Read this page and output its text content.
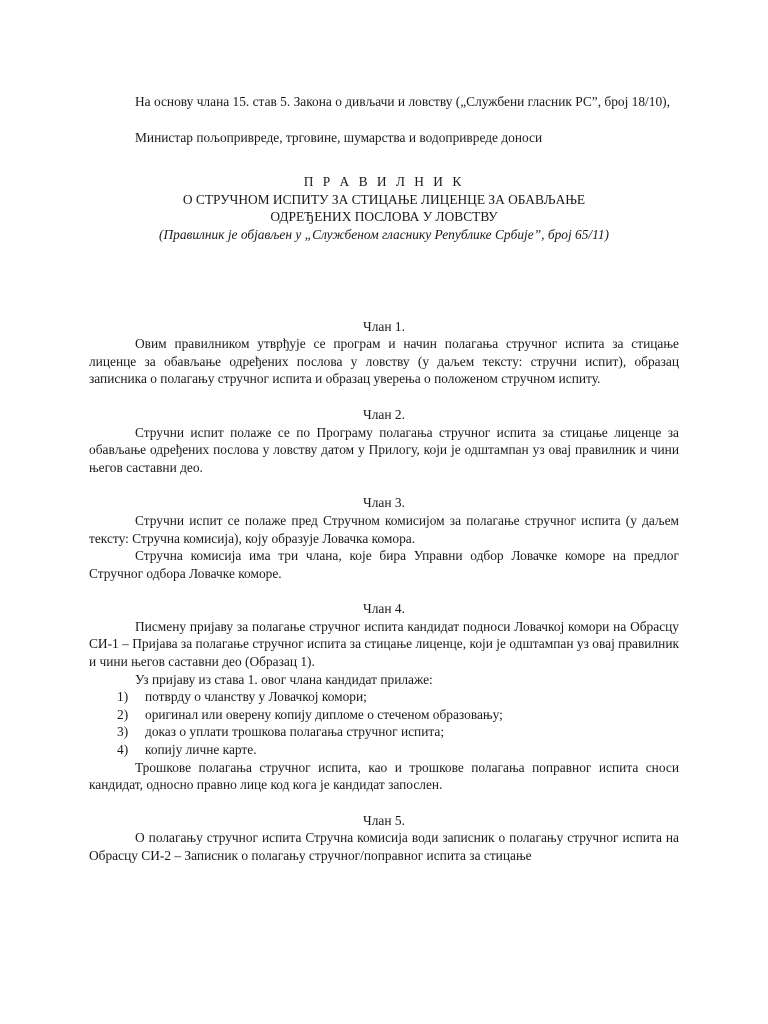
На основу члана 15. став 5. Закона о дивљачи и ловству („Службени гласник РС”, број 18/10),

Министар пољопривреде, трговине, шумарства и водопривреде доноси

П Р А В И Л Н И К

О СТРУЧНОМ ИСПИТУ ЗА СТИЦАЊЕ ЛИЦЕНЦЕ ЗА ОБАВЉАЊЕ

ОДРЕЂЕНИХ ПОСЛОВА У ЛОВСТВУ

(Правилник је објављен у „Службеном гласнику Републике Србије”, број 65/11)

Члан 1.

Овим правилником утврђује се програм и начин полагања стручног испита за стицање лиценце за обављање одређених послова у ловству (у даљем тексту: стручни испит), образац записника о полагању стручног испита и образац уверења о положеном стручном испиту.

Члан 2.

Стручни испит полаже се по Програму полагања стручног испита за стицање лиценце за обављање одређених послова у ловству датом у Прилогу, који је одштампан уз овај правилник и чини његов саставни део.

Члан 3.

Стручни испит се полаже пред Стручном комисијом за полагање стручног испита (у даљем тексту: Стручна комисија), коју образује Ловачка комора.

Стручна комисија има три члана, које бира Управни одбор Ловачке коморе на предлог Стручног одбора Ловачке коморе.

Члан 4.

Писмену пријаву за полагање стручног испита кандидат подноси Ловачкој комори на Обрасцу СИ-1 – Пријава за полагање стручног испита за стицање лиценце, који је одштампан уз овај правилник и чини његов саставни део (Образац 1).

Уз пријаву из става 1. овог члана кандидат прилаже:

1)	потврду о чланству у Ловачкој комори;
2)	оригинал или оверену копију дипломе о стеченом образовању;
3)	доказ о уплати трошкова полагања стручног испита;
4)	копију личне карте.

Трошкове полагања стручног испита, као и трошкове полагања поправног испита сноси кандидат, односно правно лице код кога је кандидат запослен.

Члан 5.

О полагању стручног испита Стручна комисија води записник о полагању стручног испита на Обрасцу СИ-2 – Записник о полагању стручног/поправног испита за стицање
